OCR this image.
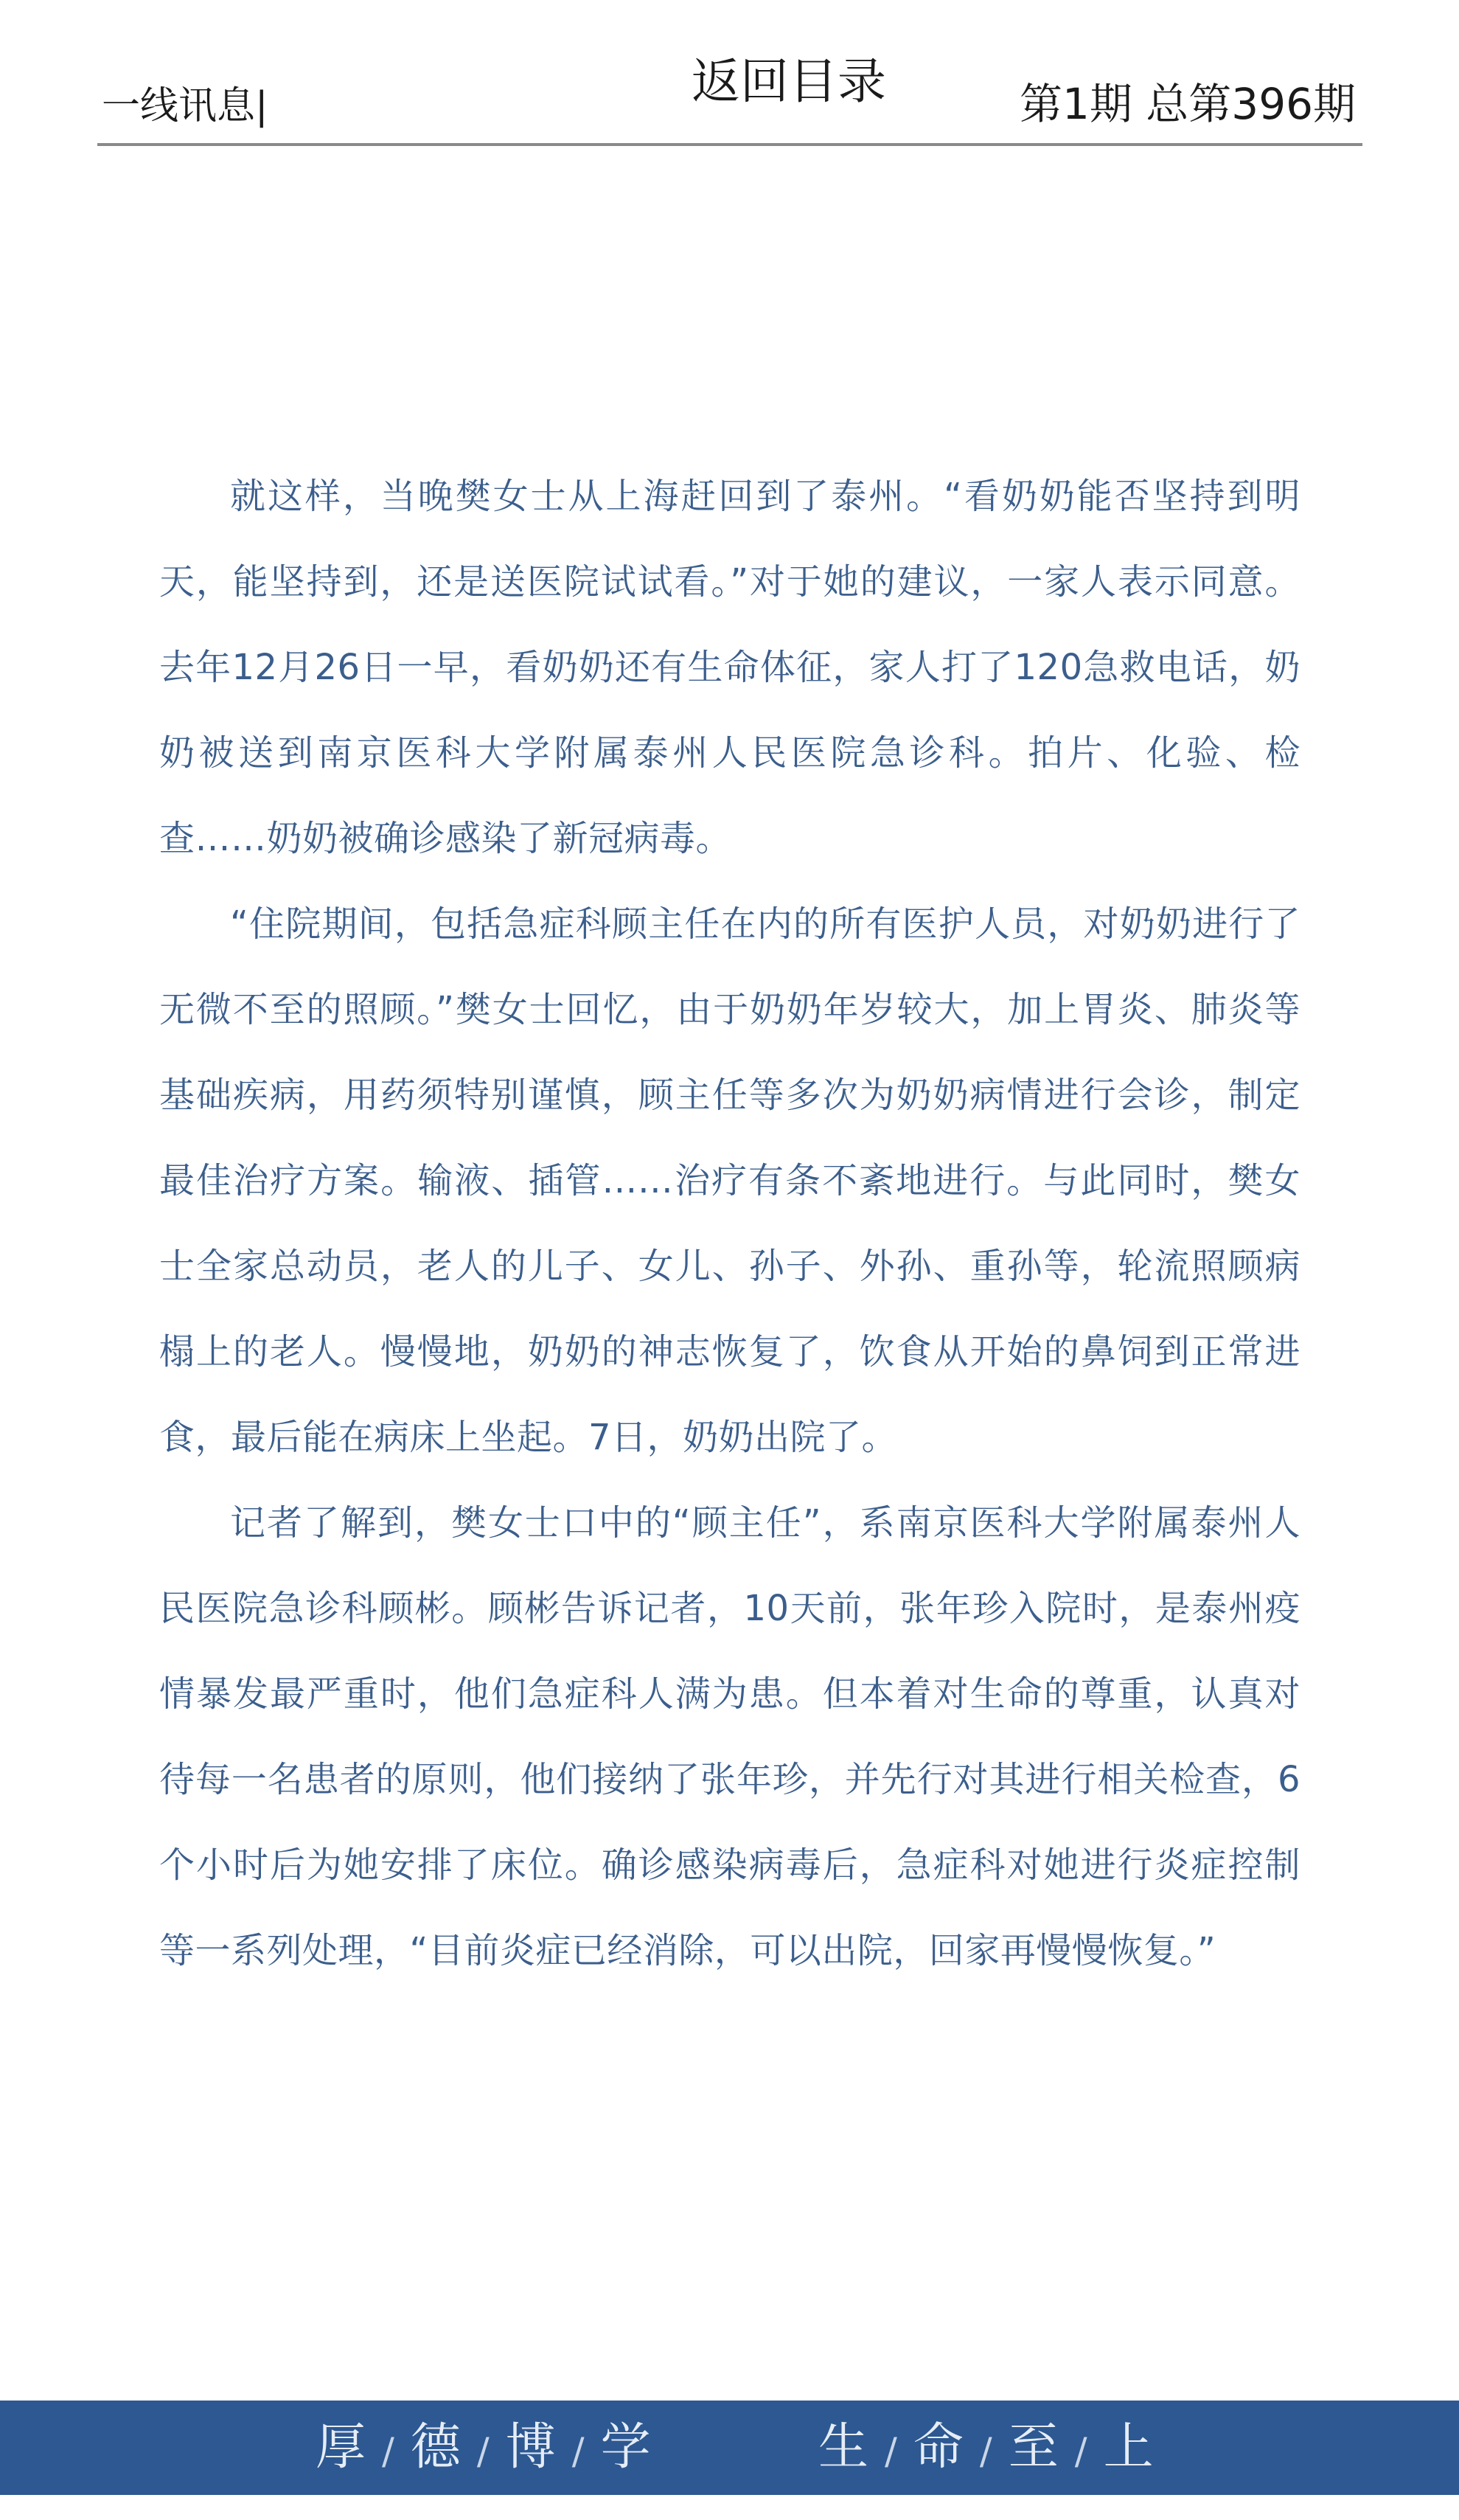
一线讯息|	返回目录	第1期 总第396期

就这样，当晚樊女士从上海赶回到了泰州。“看奶奶能否坚持到明天，能坚持到，还是送医院试试看。”对于她的建议，一家人表示同意。去年12月26日一早，看奶奶还有生命体征，家人打了120急救电话，奶奶被送到南京医科大学附属泰州人民医院急诊科。拍片、化验、检查……奶奶被确诊感染了新冠病毒。

“住院期间，包括急症科顾主任在内的所有医护人员，对奶奶进行了无微不至的照顾。”樊女士回忆，由于奶奶年岁较大，加上胃炎、肺炎等基础疾病，用药须特别谨慎，顾主任等多次为奶奶病情进行会诊，制定最佳治疗方案。输液、插管……治疗有条不紊地进行。与此同时，樊女士全家总动员，老人的儿子、女儿、孙子、外孙、重孙等，轮流照顾病榻上的老人。慢慢地，奶奶的神志恢复了，饮食从开始的鼻饲到正常进食，最后能在病床上坐起。7日，奶奶出院了。

记者了解到，樊女士口中的“顾主任”，系南京医科大学附属泰州人民医院急诊科顾彬。顾彬告诉记者，10天前，张年珍入院时，是泰州疫情暴发最严重时，他们急症科人满为患。但本着对生命的尊重，认真对待每一名患者的原则，他们接纳了张年珍，并先行对其进行相关检查，6个小时后为她安排了床位。确诊感染病毒后，急症科对她进行炎症控制等一系列处理，“目前炎症已经消除，可以出院，回家再慢慢恢复。”

厚 / 德 / 博 / 学	生 / 命 / 至 / 上
